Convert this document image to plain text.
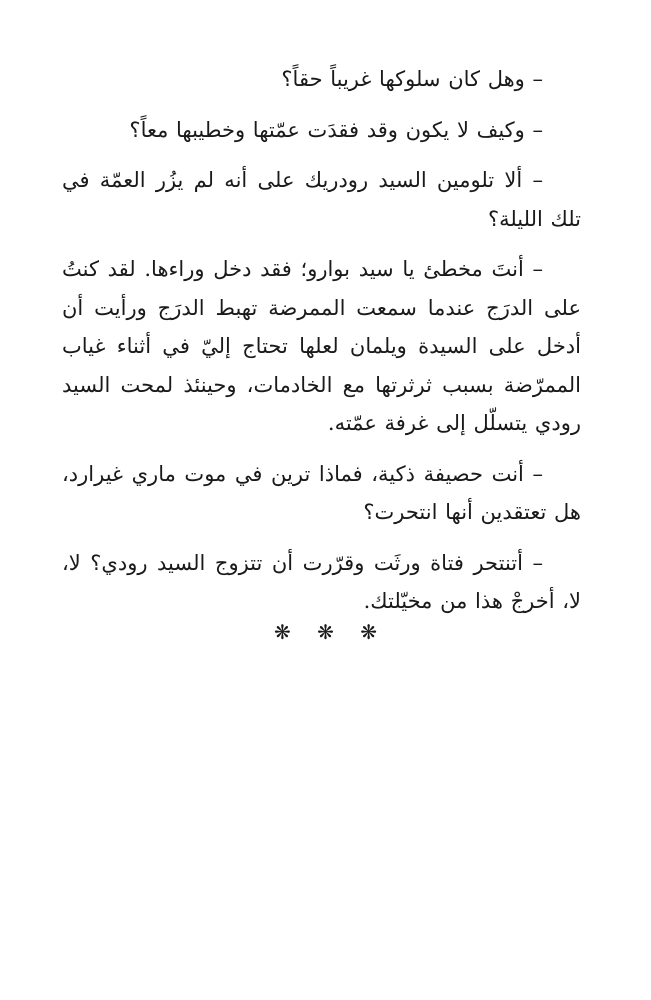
– وهل كان سلوكها غريباً حقاً؟

– وكيف لا يكون وقد فقدَت عمّتها وخطيبها معاً؟

– ألا تلومين السيد رودريك على أنه لم يزُر العمّة في تلك الليلة؟

– أنتَ مخطئ يا سيد بوارو؛ فقد دخل وراءها. لقد كنتُ على الدرَج عندما سمعت الممرضة تهبط الدرَج ورأيت أن أدخل على السيدة ويلمان لعلها تحتاج إليّ في أثناء غياب الممرّضة بسبب ثرثرتها مع الخادمات، وحينئذ لمحت السيد رودي يتسلّل إلى غرفة عمّته.

– أنت حصيفة ذكية، فماذا ترين في موت ماري غيرارد، هل تعتقدين أنها انتحرت؟

– أتنتحر فتاة ورثَت وقرّرت أن تتزوج السيد رودي؟ لا، لا، أخرجْ هذا من مخيّلتك.

❋ ❋ ❋
